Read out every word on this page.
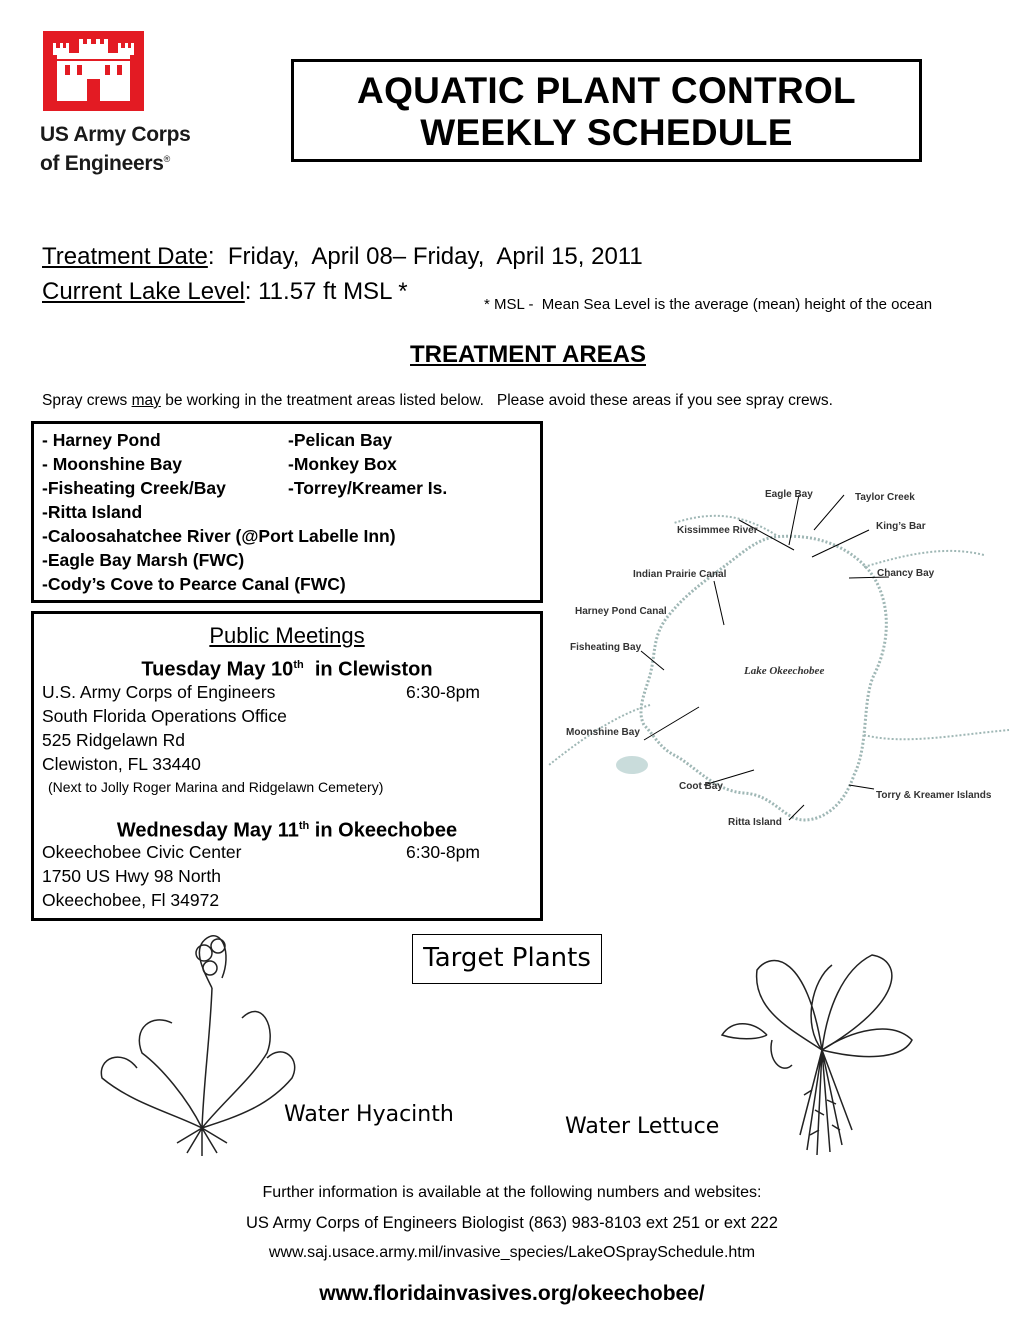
US Army Corps
of Engineers®
AQUATIC PLANT CONTROL
WEEKLY SCHEDULE
Treatment Date:  Friday,  April 08– Friday,  April 15, 2011
Current Lake Level: 11.57 ft MSL *	* MSL -  Mean Sea Level is the average (mean) height of the ocean
TREATMENT AREAS
Spray crews may be working in the treatment areas listed below.   Please avoid these areas if you see spray crews.
- Harney Pond
- Moonshine Bay
-Fisheating Creek/Bay
-Ritta Island
-Caloosahatchee River (@Port Labelle Inn)
-Eagle Bay Marsh (FWC)
-Cody’s Cove to Pearce Canal (FWC)
-Pelican Bay
-Monkey Box
-Torrey/Kreamer Is.
Public Meetings
Tuesday May 10th  in Clewiston
U.S. Army Corps of Engineers	6:30-8pm
South Florida Operations Office
525 Ridgelawn Rd
Clewiston, FL 33440
(Next to Jolly Roger Marina and Ridgelawn Cemetery)
Wednesday May 11th in Okeechobee
Okeechobee Civic Center	6:30-8pm
1750 US Hwy 98 North
Okeechobee, Fl 34972
Eagle Bay	Taylor Creek
King’s Bar
Kissimmee River
Indian Prairie Canal	Chancy Bay
Harney Pond Canal
Fisheating Bay
Lake Okeechobee
Moonshine Bay
Coot Bay
Torry & Kreamer Islands
Ritta Island
Target Plants
Water Hyacinth	Water Lettuce
Further information is available at the following numbers and websites:
US Army Corps of Engineers Biologist (863) 983-8103 ext 251 or ext 222
www.saj.usace.army.mil/invasive_species/LakeOSpraySchedule.htm
www.floridainvasives.org/okeechobee/
